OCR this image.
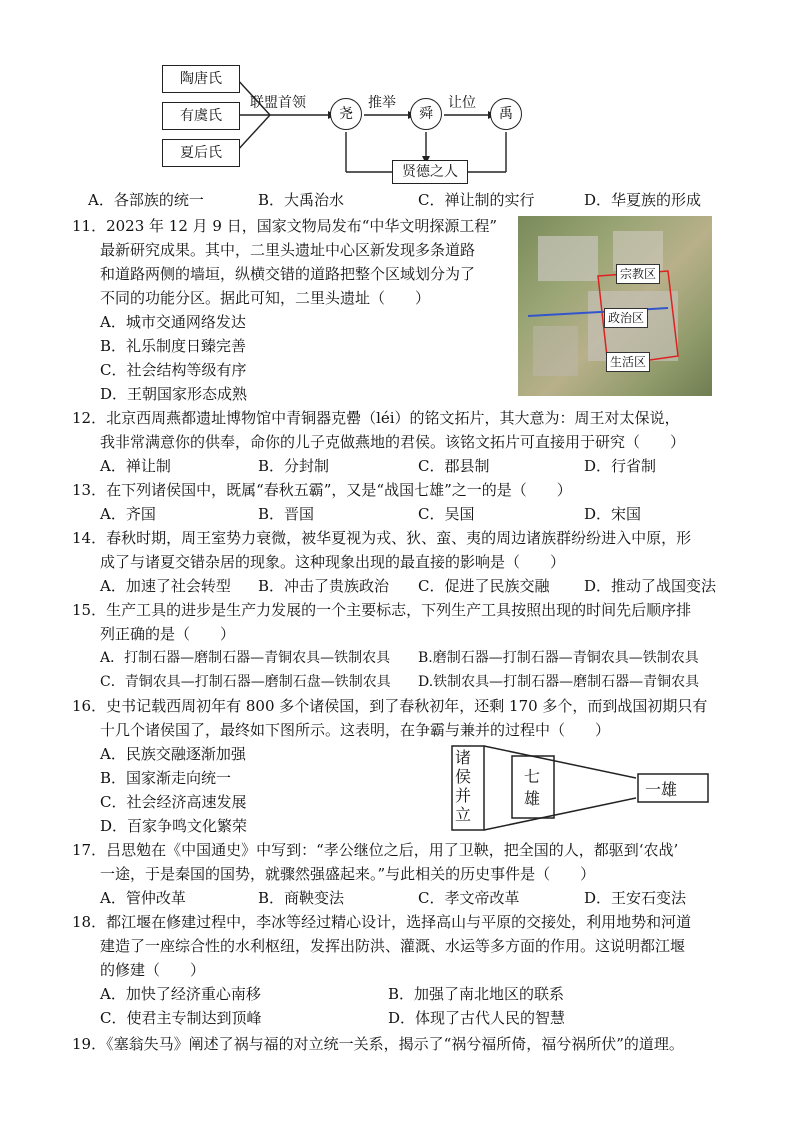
陶唐氏
有虞氏
夏后氏
联盟首领
尧	舜	禹
推举	让位
贤德之人
A．各部族的统一	B．大禹治水	C．禅让制的实行	D．华夏族的形成
11．2023 年 12 月 9 日，国家文物局发布“中华文明探源工程”
最新研究成果。其中，二里头遗址中心区新发现多条道路
和道路两侧的墙垣，纵横交错的道路把整个区域划分为了
不同的功能分区。据此可知，二里头遗址（　　）
A．城市交通网络发达
B．礼乐制度日臻完善
C．社会结构等级有序
D．王朝国家形态成熟
宗教区
政治区
生活区
12．北京西周燕都遗址博物馆中青铜器克罍（léi）的铭文拓片，其大意为：周王对太保说，
我非常满意你的供奉，命你的儿子克做燕地的君侯。该铭文拓片可直接用于研究（　　）
A．禅让制	B．分封制	C．郡县制	D．行省制
13．在下列诸侯国中，既属“春秋五霸”，又是“战国七雄”之一的是（　　）
A．齐国	B．晋国	C．吴国	D．宋国
14．春秋时期，周王室势力衰微，被华夏视为戎、狄、蛮、夷的周边诸族群纷纷进入中原，形
成了与诸夏交错杂居的现象。这种现象出现的最直接的影响是（　　）
A．加速了社会转型 B．冲击了贵族政治 C．促进了民族交融 D．推动了战国变法
15．生产工具的进步是生产力发展的一个主要标志，下列生产工具按照出现的时间先后顺序排
列正确的是（　　）
A．打制石器—磨制石器—青铜农具—铁制农具 B.磨制石器—打制石器—青铜农具—铁制农具
C．青铜农具—打制石器—磨制石盘—铁制农具 D.铁制农具—打制石器—磨制石器—青铜农具
16．史书记载西周初年有 800 多个诸侯国，到了春秋初年，还剩 170 多个，而到战国初期只有
十几个诸侯国了，最终如下图所示。这表明，在争霸与兼并的过程中（　　）
A．民族交融逐渐加强
B．国家渐走向统一
C．社会经济高速发展
D．百家争鸣文化繁荣
诸侯并立
七雄	一雄
17．吕思勉在《中国通史》中写到：“孝公继位之后，用了卫鞅，把全国的人，都驱到‘农战’
一途，于是秦国的国势，就骤然强盛起来。”与此相关的历史事件是（　　）
A．管仲改革	B．商鞅变法	C．孝文帝改革	D．王安石变法
18．都江堰在修建过程中，李冰等经过精心设计，选择高山与平原的交接处，利用地势和河道
建造了一座综合性的水利枢纽，发挥出防洪、灌溉、水运等多方面的作用。这说明都江堰
的修建（　　）
A．加快了经济重心南移	B．加强了南北地区的联系
C．使君主专制达到顶峰	D．体现了古代人民的智慧
19．《塞翁失马》阐述了祸与福的对立统一关系，揭示了“祸兮福所倚，福兮祸所伏”的道理。
